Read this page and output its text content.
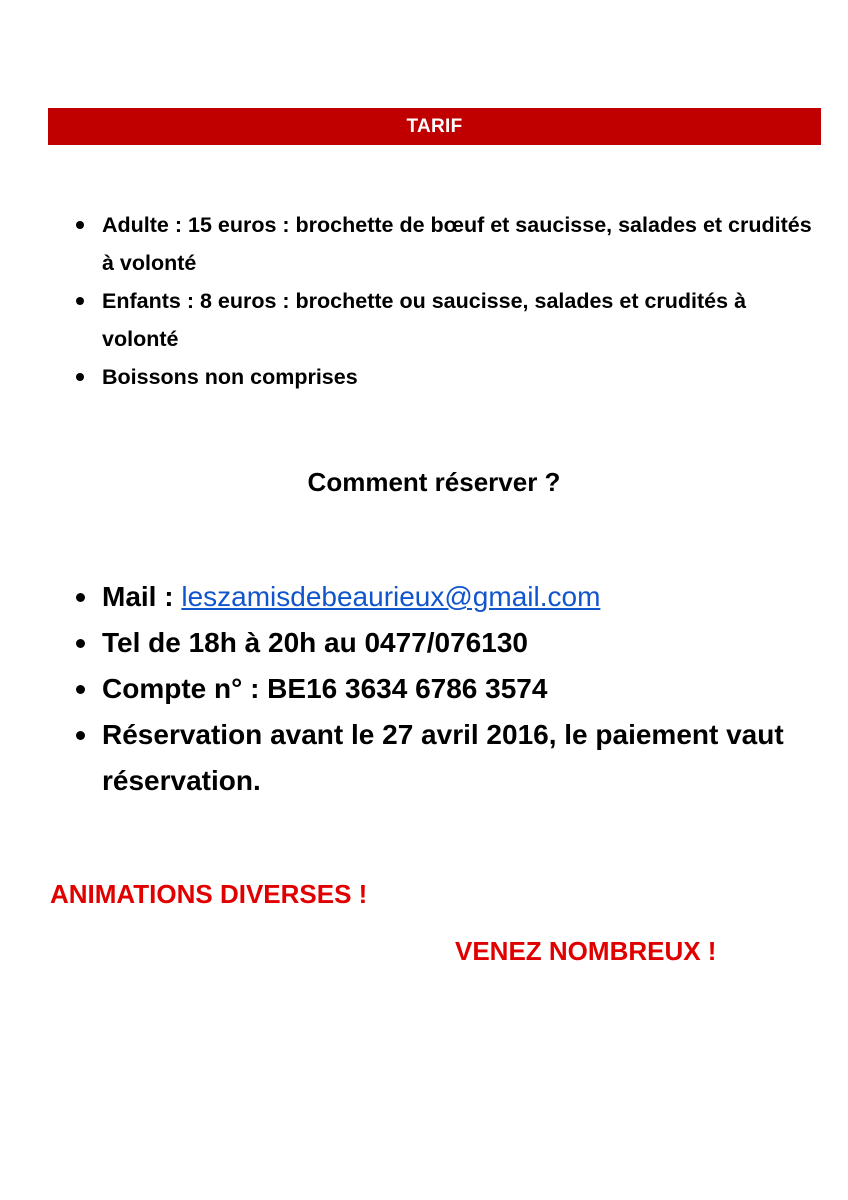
TARIF
Adulte : 15 euros : brochette de bœuf et saucisse, salades et crudités à volonté
Enfants : 8 euros : brochette ou saucisse, salades et crudités à volonté
Boissons non comprises
Comment réserver ?
Mail : leszamisdebeaurieux@gmail.com
Tel de 18h à 20h au 0477/076130
Compte n° : BE16 3634 6786 3574
Réservation avant le 27 avril 2016, le paiement vaut réservation.
ANIMATIONS DIVERSES !
VENEZ NOMBREUX !
